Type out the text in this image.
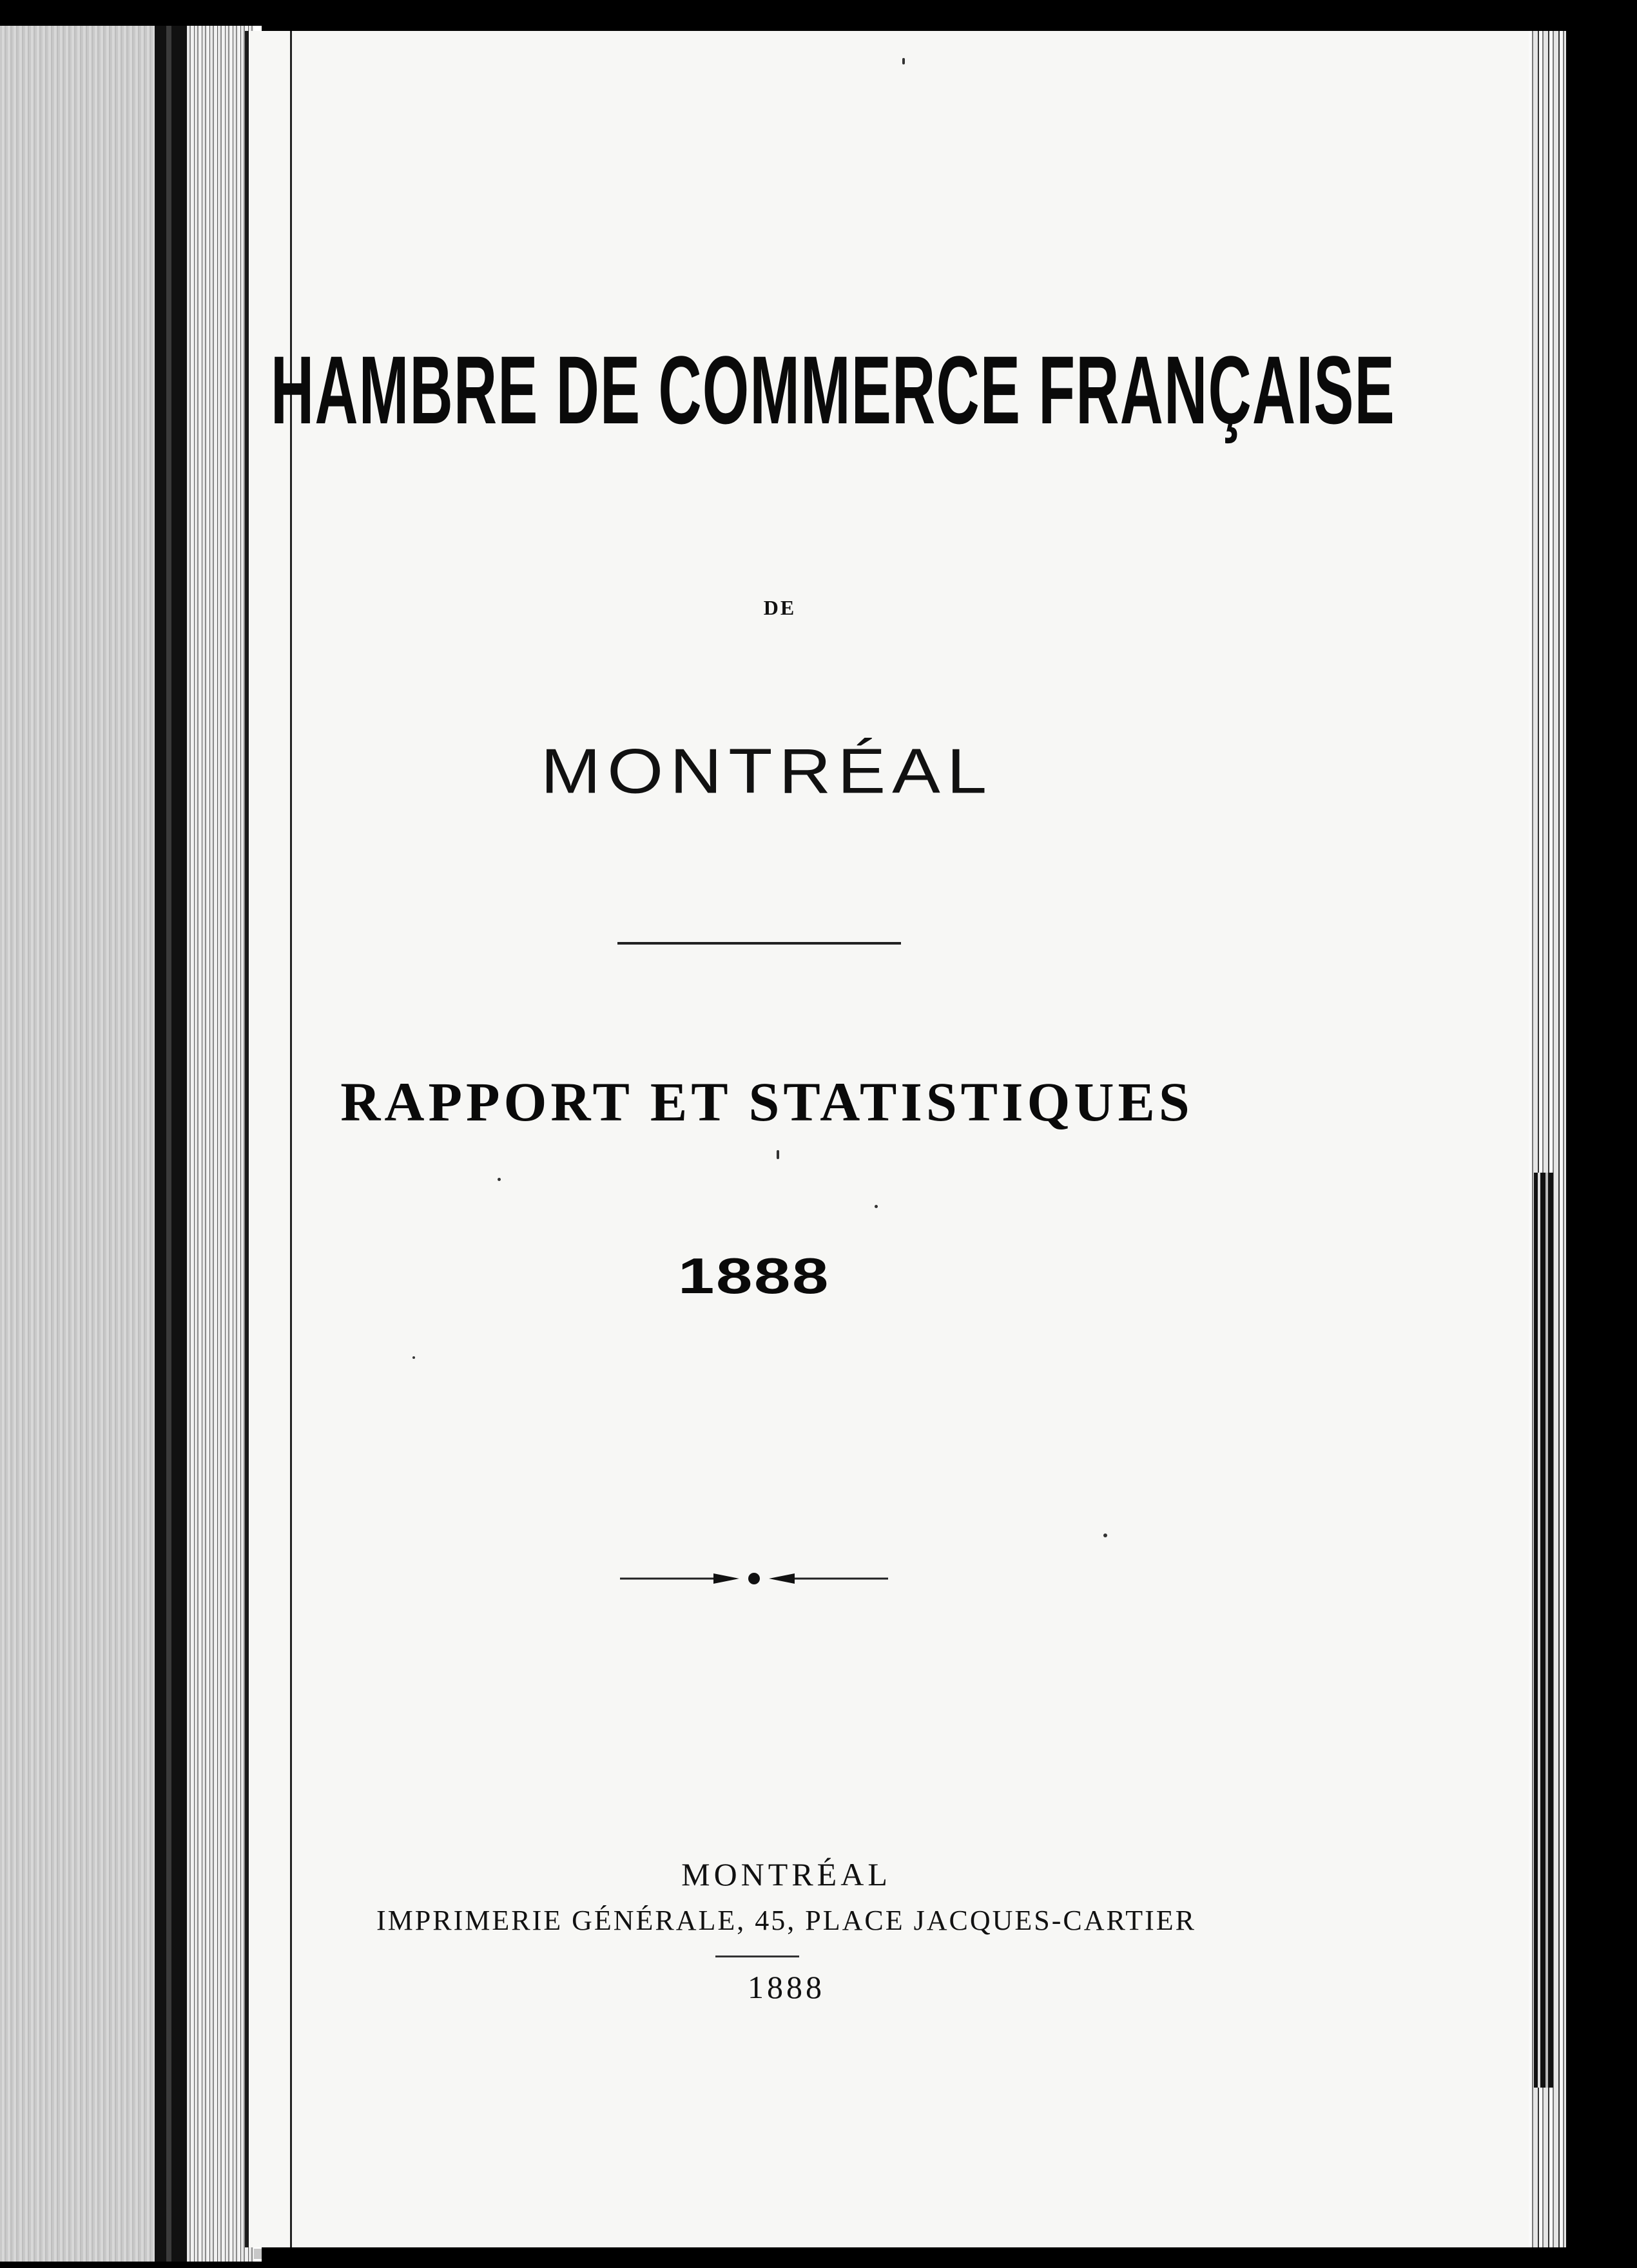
HAMBRE DE COMMERCE FRANÇAISE
DE
MONTRÉAL
RAPPORT ET STATISTIQUES
1888
MONTRÉAL
IMPRIMERIE GÉNÉRALE, 45, PLACE JACQUES-CARTIER
1888
